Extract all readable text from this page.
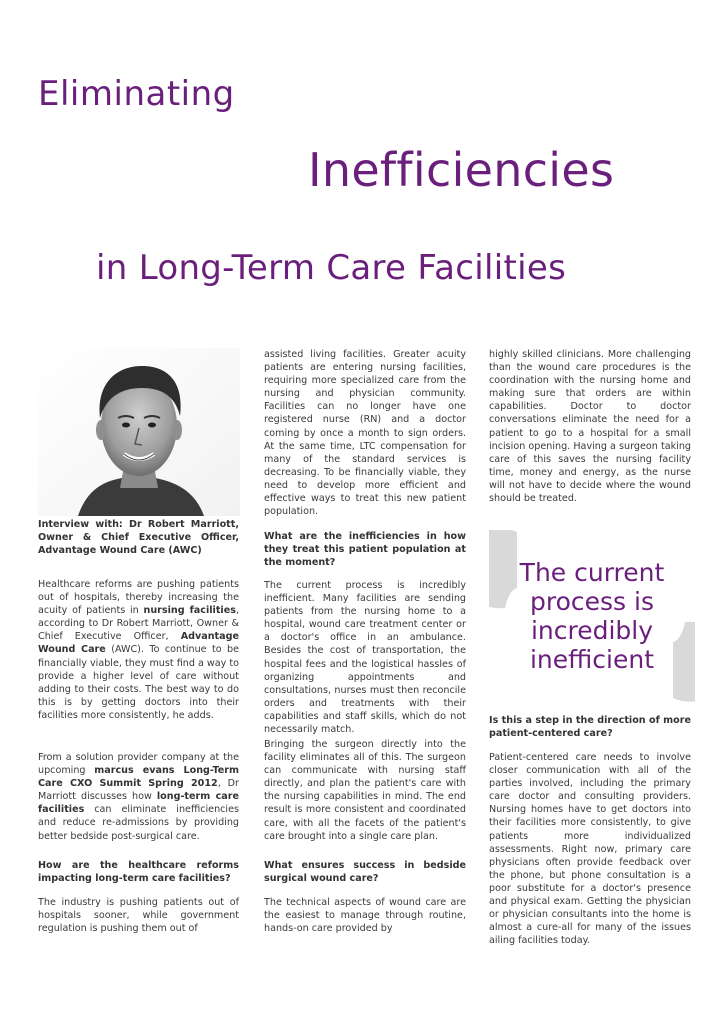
Eliminating
Inefficiencies
in Long-Term Care Facilities

Interview with: Dr Robert Marriott, Owner & Chief Executive Officer, Advantage Wound Care (AWC)

Healthcare reforms are pushing patients out of hospitals, thereby increasing the acuity of patients in nursing facilities, according to Dr Robert Marriott, Owner & Chief Executive Officer, Advantage Wound Care (AWC). To continue to be financially viable, they must find a way to provide a higher level of care without adding to their costs. The best way to do this is by getting doctors into their facilities more consistently, he adds.

From a solution provider company at the upcoming marcus evans Long-Term Care CXO Summit Spring 2012, Dr Marriott discusses how long-term care facilities can eliminate inefficiencies and reduce re-admissions by providing better bedside post-surgical care.

How are the healthcare reforms impacting long-term care facilities?

The industry is pushing patients out of hospitals sooner, while government regulation is pushing them out of

assisted living facilities. Greater acuity patients are entering nursing facilities, requiring more specialized care from the nursing and physician community. Facilities can no longer have one registered nurse (RN) and a doctor coming by once a month to sign orders. At the same time, LTC compensation for many of the standard services is decreasing. To be financially viable, they need to develop more efficient and effective ways to treat this new patient population.

What are the inefficiencies in how they treat this patient population at the moment?

The current process is incredibly inefficient. Many facilities are sending patients from the nursing home to a hospital, wound care treatment center or a doctor's office in an ambulance. Besides the cost of transportation, the hospital fees and the logistical hassles of organizing appointments and consultations, nurses must then reconcile orders and treatments with their capabilities and staff skills, which do not necessarily match.

Bringing the surgeon directly into the facility eliminates all of this. The surgeon can communicate with nursing staff directly, and plan the patient's care with the nursing capabilities in mind. The end result is more consistent and coordinated care, with all the facets of the patient's care brought into a single care plan.

What ensures success in bedside surgical wound care?

The technical aspects of wound care are the easiest to manage through routine, hands-on care provided by

highly skilled clinicians. More challenging than the wound care procedures is the coordination with the nursing home and making sure that orders are within capabilities. Doctor to doctor conversations eliminate the need for a patient to go to a hospital for a small incision opening. Having a surgeon taking care of this saves the nursing facility time, money and energy, as the nurse will not have to decide where the wound should be treated.

Is this a step in the direction of more patient-centered care?

Patient-centered care needs to involve closer communication with all of the parties involved, including the primary care doctor and consulting providers. Nursing homes have to get doctors into their facilities more consistently, to give patients more individualized assessments. Right now, primary care physicians often provide feedback over the phone, but phone consultation is a poor substitute for a doctor's presence and physical exam. Getting the physician or physician consultants into the home is almost a cure-all for many of the issues ailing facilities today.

The current
process is
incredibly
inefficient
